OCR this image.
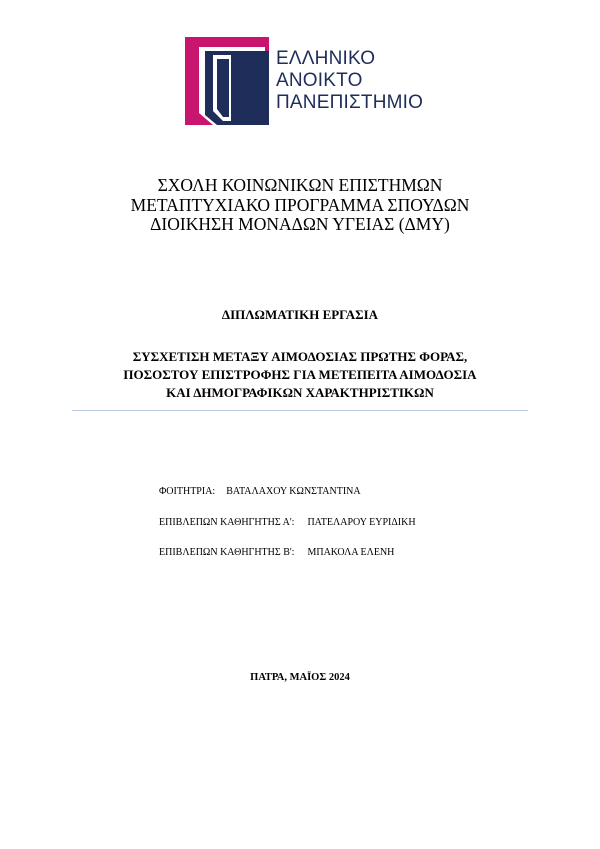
ΕΛΛΗΝΙΚΟ
ΑΝΟΙΚΤΟ
ΠΑΝΕΠΙΣΤΗΜΙΟ
ΣΧΟΛΗ ΚΟΙΝΩΝΙΚΩΝ ΕΠΙΣΤΗΜΩΝ
ΜΕΤΑΠΤΥΧΙΑΚΟ ΠΡΟΓΡΑΜΜΑ ΣΠΟΥΔΩΝ
ΔΙΟΙΚΗΣΗ ΜΟΝΑΔΩΝ ΥΓΕΙΑΣ (ΔΜΥ)
ΔΙΠΛΩΜΑΤΙΚΗ ΕΡΓΑΣΙΑ
ΣΥΣΧΕΤΙΣΗ ΜΕΤΑΞΥ ΑΙΜΟΔΟΣΙΑΣ ΠΡΩΤΗΣ ΦΟΡΑΣ,
ΠΟΣΟΣΤΟΥ ΕΠΙΣΤΡΟΦΗΣ ΓΙΑ ΜΕΤΕΠΕΙΤΑ ΑΙΜΟΔΟΣΙΑ
ΚΑΙ ΔΗΜΟΓΡΑΦΙΚΩΝ ΧΑΡΑΚΤΗΡΙΣΤΙΚΩΝ
ΦΟΙΤΗΤΡΙΑ: ΒΑΤΑΛΑΧΟΥ ΚΩΝΣΤΑΝΤΙΝΑ
ΕΠΙΒΛΕΠΩΝ ΚΑΘΗΓΗΤΗΣ Α': ΠΑΤΕΛΑΡΟΥ ΕΥΡΙΔΙΚΗ
ΕΠΙΒΛΕΠΩΝ ΚΑΘΗΓΗΤΗΣ Β': ΜΠΑΚΟΛΑ ΕΛΕΝΗ
ΠΑΤΡΑ, ΜΑΪΟΣ 2024
